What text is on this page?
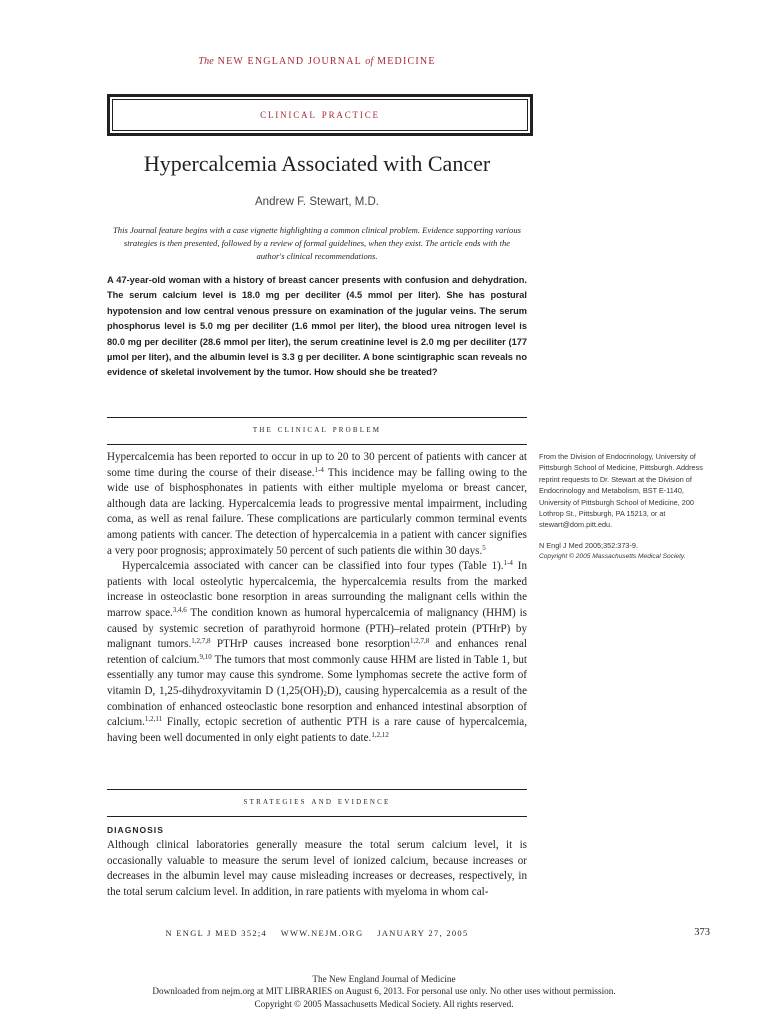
The NEW ENGLAND JOURNAL of MEDICINE
clinical practice
Hypercalcemia Associated with Cancer
Andrew F. Stewart, M.D.
This Journal feature begins with a case vignette highlighting a common clinical problem. Evidence supporting various strategies is then presented, followed by a review of formal guidelines, when they exist. The article ends with the author's clinical recommendations.
A 47-year-old woman with a history of breast cancer presents with confusion and dehydration. The serum calcium level is 18.0 mg per deciliter (4.5 mmol per liter). She has postural hypotension and low central venous pressure on examination of the jugular veins. The serum phosphorus level is 5.0 mg per deciliter (1.6 mmol per liter), the blood urea nitrogen level is 80.0 mg per deciliter (28.6 mmol per liter), the serum creatinine level is 2.0 mg per deciliter (177 µmol per liter), and the albumin level is 3.3 g per deciliter. A bone scintigraphic scan reveals no evidence of skeletal involvement by the tumor. How should she be treated?
the clinical problem

Hypercalcemia has been reported to occur in up to 20 to 30 percent of patients with cancer at some time during the course of their disease.$^{1-4}$ This incidence may be falling owing to the wide use of bisphosphonates in patients with either multiple myeloma or breast cancer, although data are lacking. Hypercalcemia leads to progressive mental impairment, including coma, as well as renal failure. These complications are particularly common terminal events among patients with cancer. The detection of hypercalcemia in a patient with cancer signifies a very poor prognosis; approximately 50 percent of such patients die within 30 days.$^5$

Hypercalcemia associated with cancer can be classified into four types (Table 1).$^{1-4}$ In patients with local osteolytic hypercalcemia, the hypercalcemia results from the marked increase in osteoclastic bone resorption in areas surrounding the malignant cells within the marrow space.$^{3,4,6}$ The condition known as humoral hypercalcemia of malignancy (HHM) is caused by systemic secretion of parathyroid hormone (PTH)–related protein (PTHrP) by malignant tumors.$^{1,2,7,8}$ PTHrP causes increased bone resorption$^{1,2,7,8}$ and enhances renal retention of calcium.$^{9,10}$ The tumors that most commonly cause HHM are listed in Table 1, but essentially any tumor may cause this syndrome. Some lymphomas secrete the active form of vitamin D, 1,25-dihydroxyvitamin D $(1,25(OH)_2D)$, causing hypercalcemia as a result of the combination of enhanced osteoclastic bone resorption and enhanced intestinal absorption of calcium.$^{1,2,11}$ Finally, ectopic secretion of authentic PTH is a rare cause of hypercalcemia, having been well documented in only eight patients to date.$^{1,2,12}$

From the Division of Endocrinology, University of Pittsburgh School of Medicine, Pittsburgh. Address reprint requests to Dr. Stewart at the Division of Endocrinology and Metabolism, BST E-1140, University of Pittsburgh School of Medicine, 200 Lothrop St., Pittsburgh, PA 15213, or at stewart@dom.pitt.edu.

N Engl J Med 2005;352:373-9.

Copyright © 2005 Massachusetts Medical Society.

strategies and evidence
DIAGNOSIS
Although clinical laboratories generally measure the total serum calcium level, it is occasionally valuable to measure the serum level of ionized calcium, because increases or decreases in the albumin level may cause misleading increases or decreases, respectively, in the total serum calcium level. In addition, in rare patients with myeloma in whom cal-
N ENGL J MED 352;4    WWW.NEJM.ORG    JANUARY 27, 2005	373
The New England Journal of Medicine
Downloaded from nejm.org at MIT LIBRARIES on August 6, 2013. For personal use only. No other uses without permission.
Copyright © 2005 Massachusetts Medical Society. All rights reserved.
